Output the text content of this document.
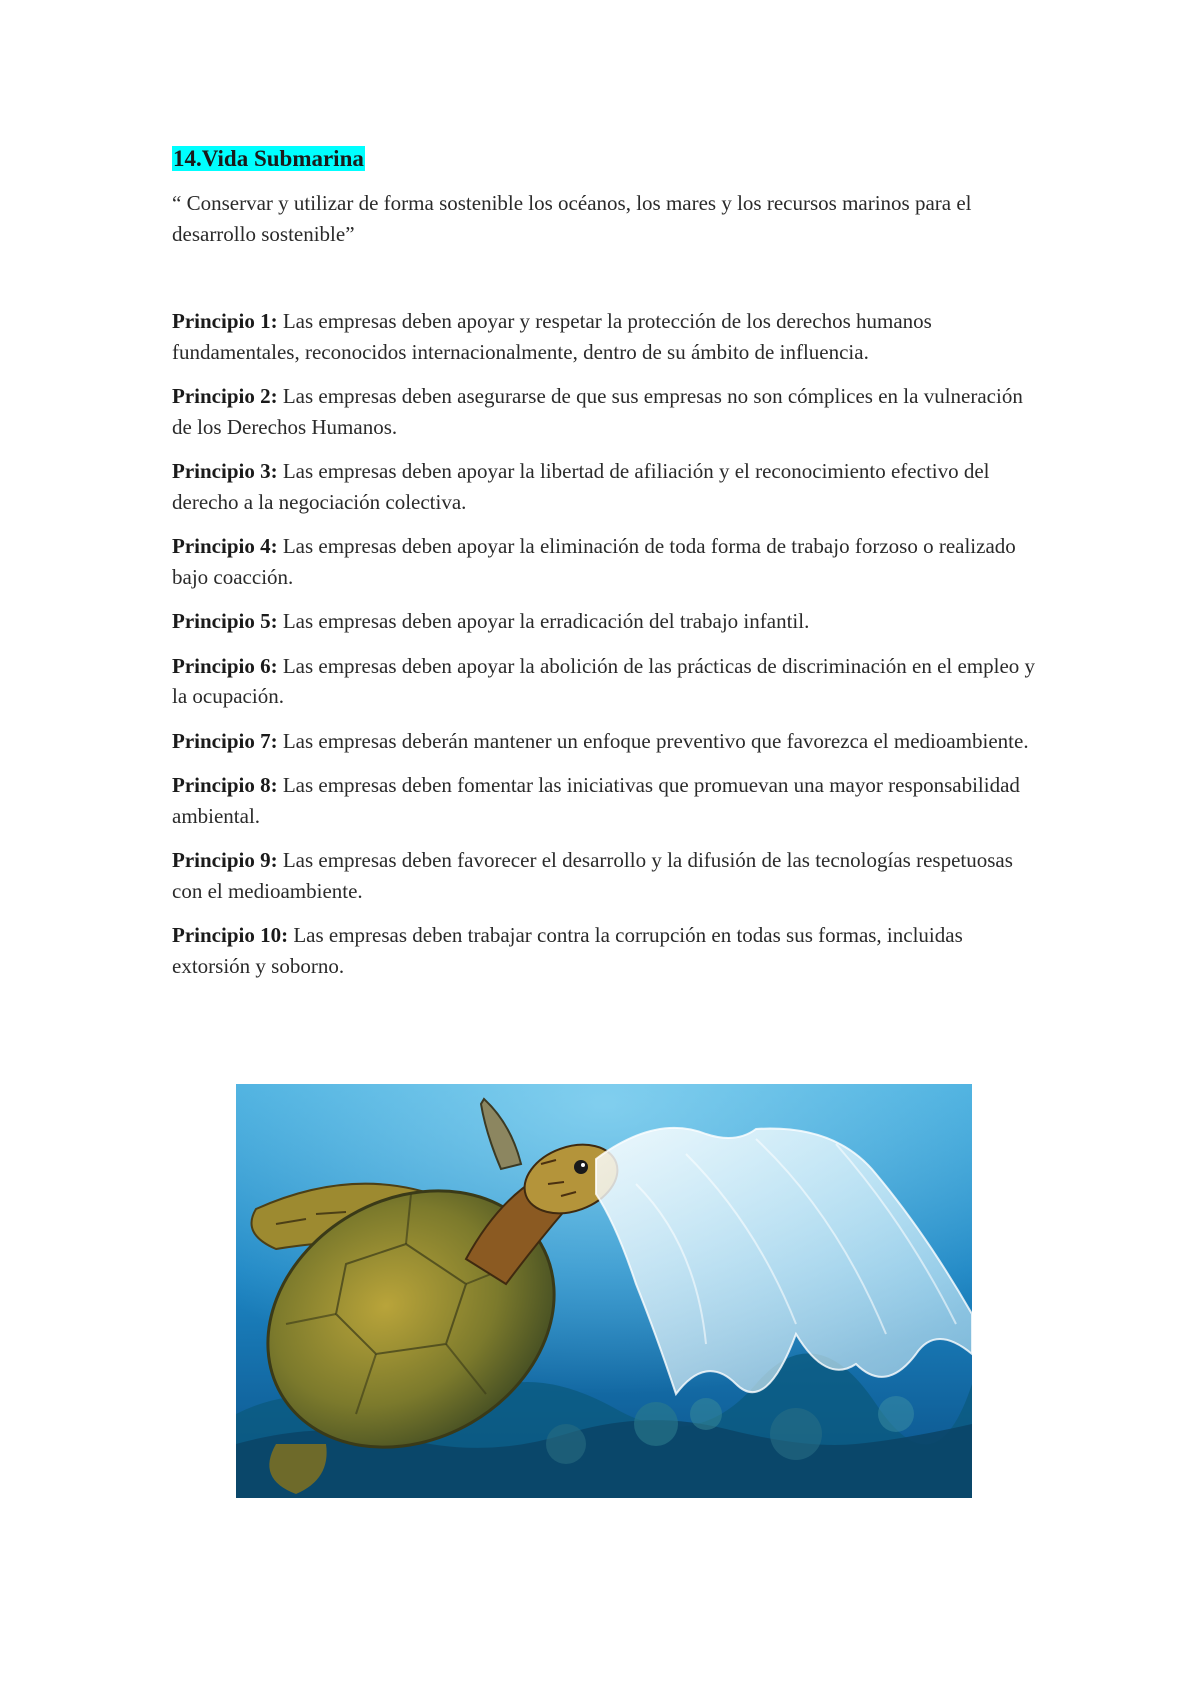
14.Vida Submarina

“ Conservar y utilizar de forma sostenible los océanos, los mares y los recursos marinos para el desarrollo sostenible”

Principio 1: Las empresas deben apoyar y respetar la protección de los derechos humanos fundamentales, reconocidos internacionalmente, dentro de su ámbito de influencia.
Principio 2: Las empresas deben asegurarse de que sus empresas no son cómplices en la vulneración de los Derechos Humanos.
Principio 3: Las empresas deben apoyar la libertad de afiliación y el reconocimiento efectivo del derecho a la negociación colectiva.
Principio 4: Las empresas deben apoyar la eliminación de toda forma de trabajo forzoso o realizado bajo coacción.
Principio 5: Las empresas deben apoyar la erradicación del trabajo infantil.
Principio 6: Las empresas deben apoyar la abolición de las prácticas de discriminación en el empleo y la ocupación.
Principio 7: Las empresas deberán mantener un enfoque preventivo que favorezca el medioambiente.
Principio 8: Las empresas deben fomentar las iniciativas que promuevan una mayor responsabilidad ambiental.
Principio 9: Las empresas deben favorecer el desarrollo y la difusión de las tecnologías respetuosas con el medioambiente.
Principio 10: Las empresas deben trabajar contra la corrupción en todas sus formas, incluidas extorsión y soborno.
